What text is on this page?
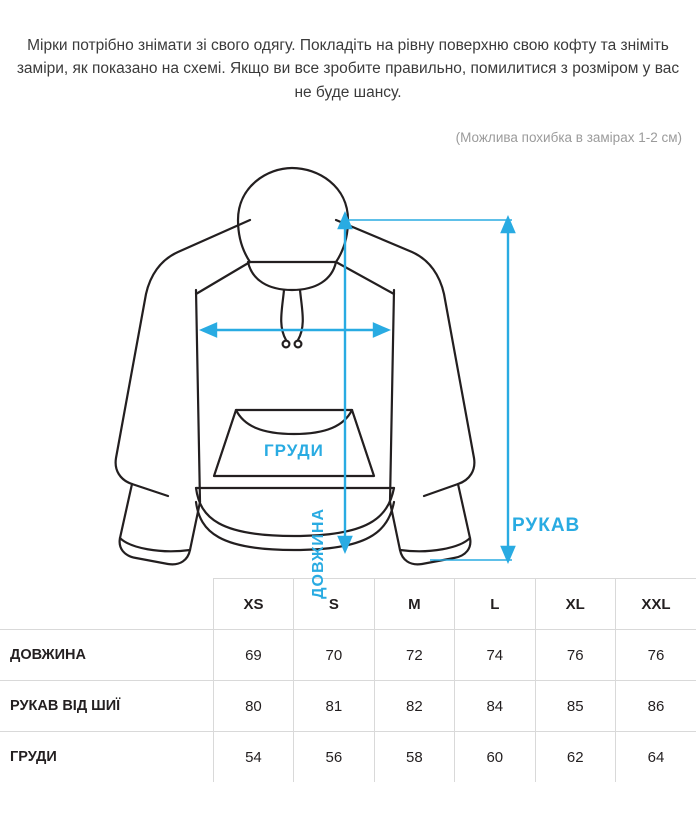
Мірки потрібно знімати зі свого одягу. Покладіть на рівну поверхню свою кофту та зніміть заміри, як показано на схемі. Якщо ви все зробите правильно, помилитися з розміром у вас не буде шансу.

(Можлива похибка в замірах 1-2 см)

ГРУДИ
РУКАВ
ДОВЖИНА
	XS	S	M	L	XL	XXL
ДОВЖИНА	69	70	72	74	76	76
РУКАВ ВІД ШИЇ	80	81	82	84	85	86
ГРУДИ	54	56	58	60	62	64
